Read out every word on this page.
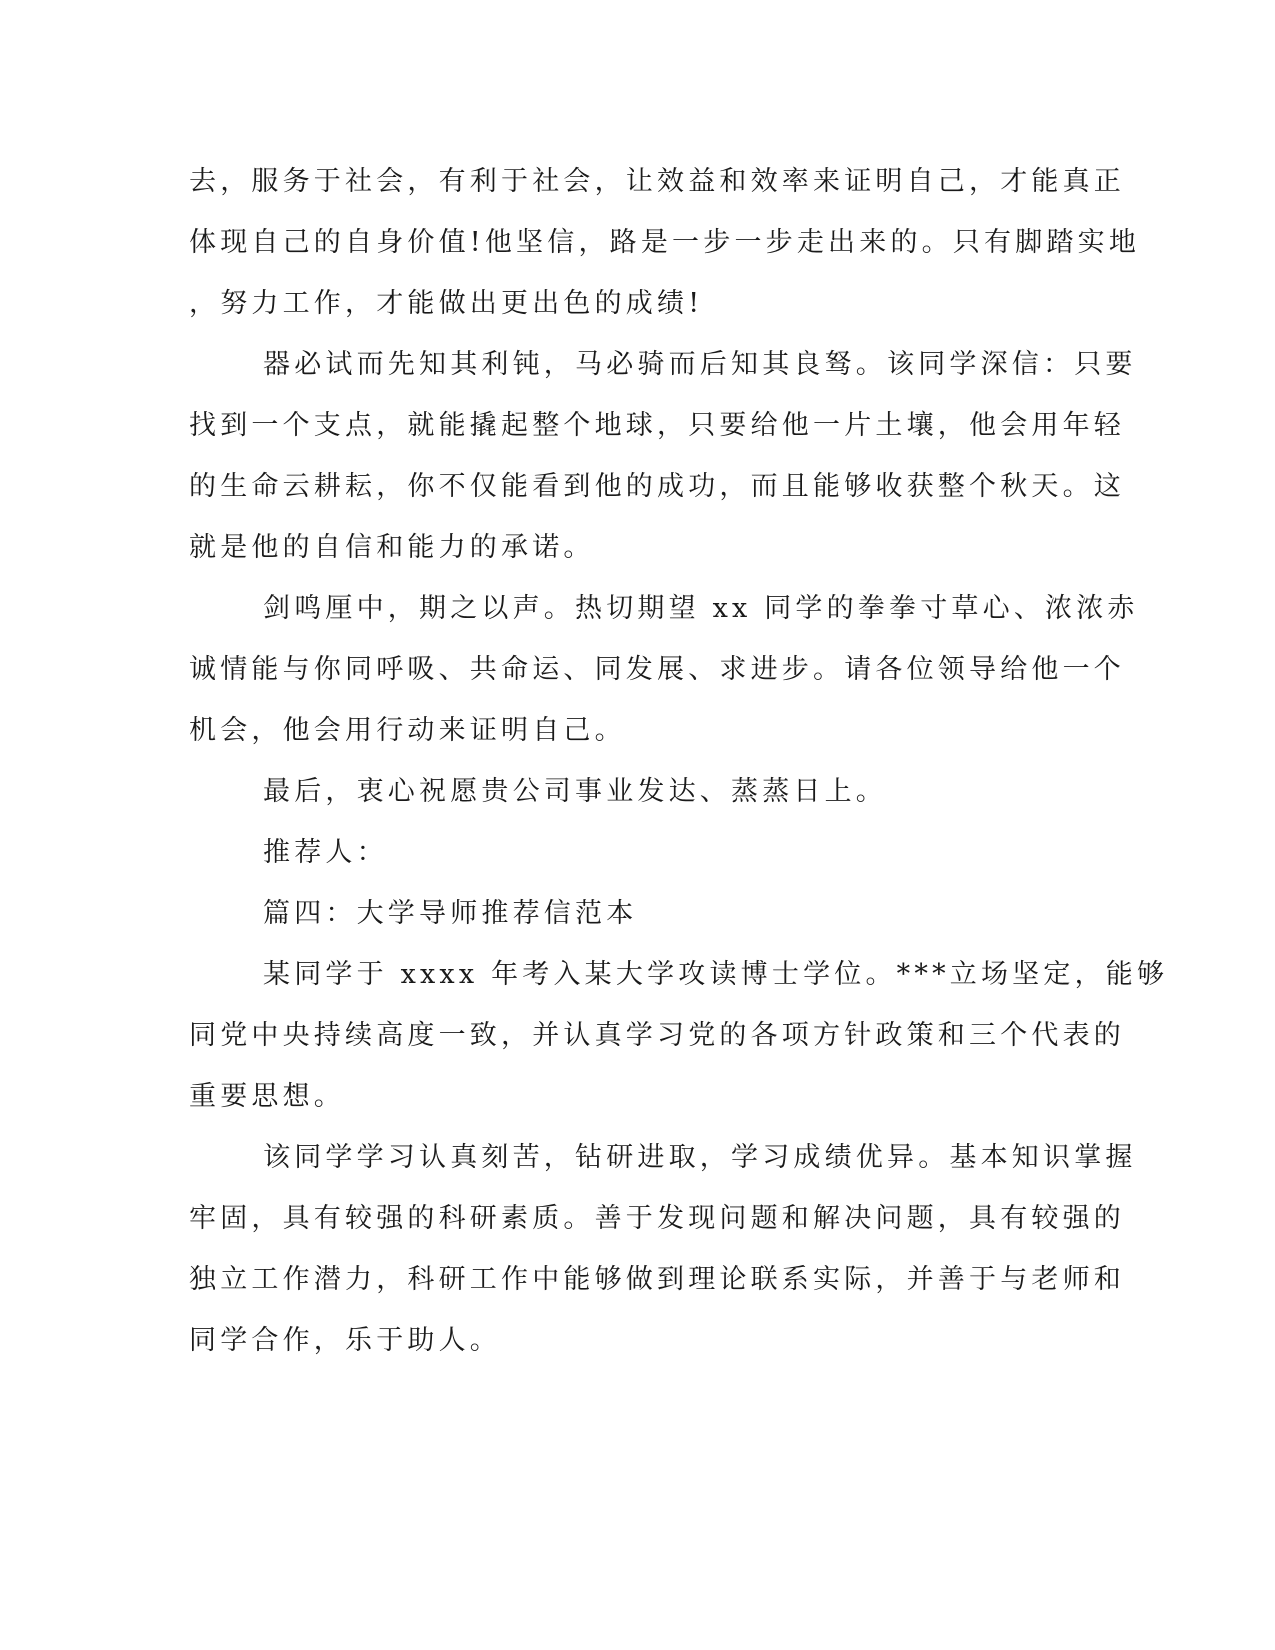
去，服务于社会，有利于社会，让效益和效率来证明自己，才能真正
体现自己的自身价值!他坚信，路是一步一步走出来的。只有脚踏实地
，努力工作，才能做出更出色的成绩!
器必试而先知其利钝，马必骑而后知其良驽。该同学深信：只要
找到一个支点，就能撬起整个地球，只要给他一片土壤，他会用年轻
的生命云耕耘，你不仅能看到他的成功，而且能够收获整个秋天。这
就是他的自信和能力的承诺。
剑鸣厘中，期之以声。热切期望 xx 同学的拳拳寸草心、浓浓赤
诚情能与你同呼吸、共命运、同发展、求进步。请各位领导给他一个
机会，他会用行动来证明自己。
最后，衷心祝愿贵公司事业发达、蒸蒸日上。
推荐人：
篇四：大学导师推荐信范本
某同学于 xxxx 年考入某大学攻读博士学位。***立场坚定，能够
同党中央持续高度一致，并认真学习党的各项方针政策和三个代表的
重要思想。
该同学学习认真刻苦，钻研进取，学习成绩优异。基本知识掌握
牢固，具有较强的科研素质。善于发现问题和解决问题，具有较强的
独立工作潜力，科研工作中能够做到理论联系实际，并善于与老师和
同学合作，乐于助人。
